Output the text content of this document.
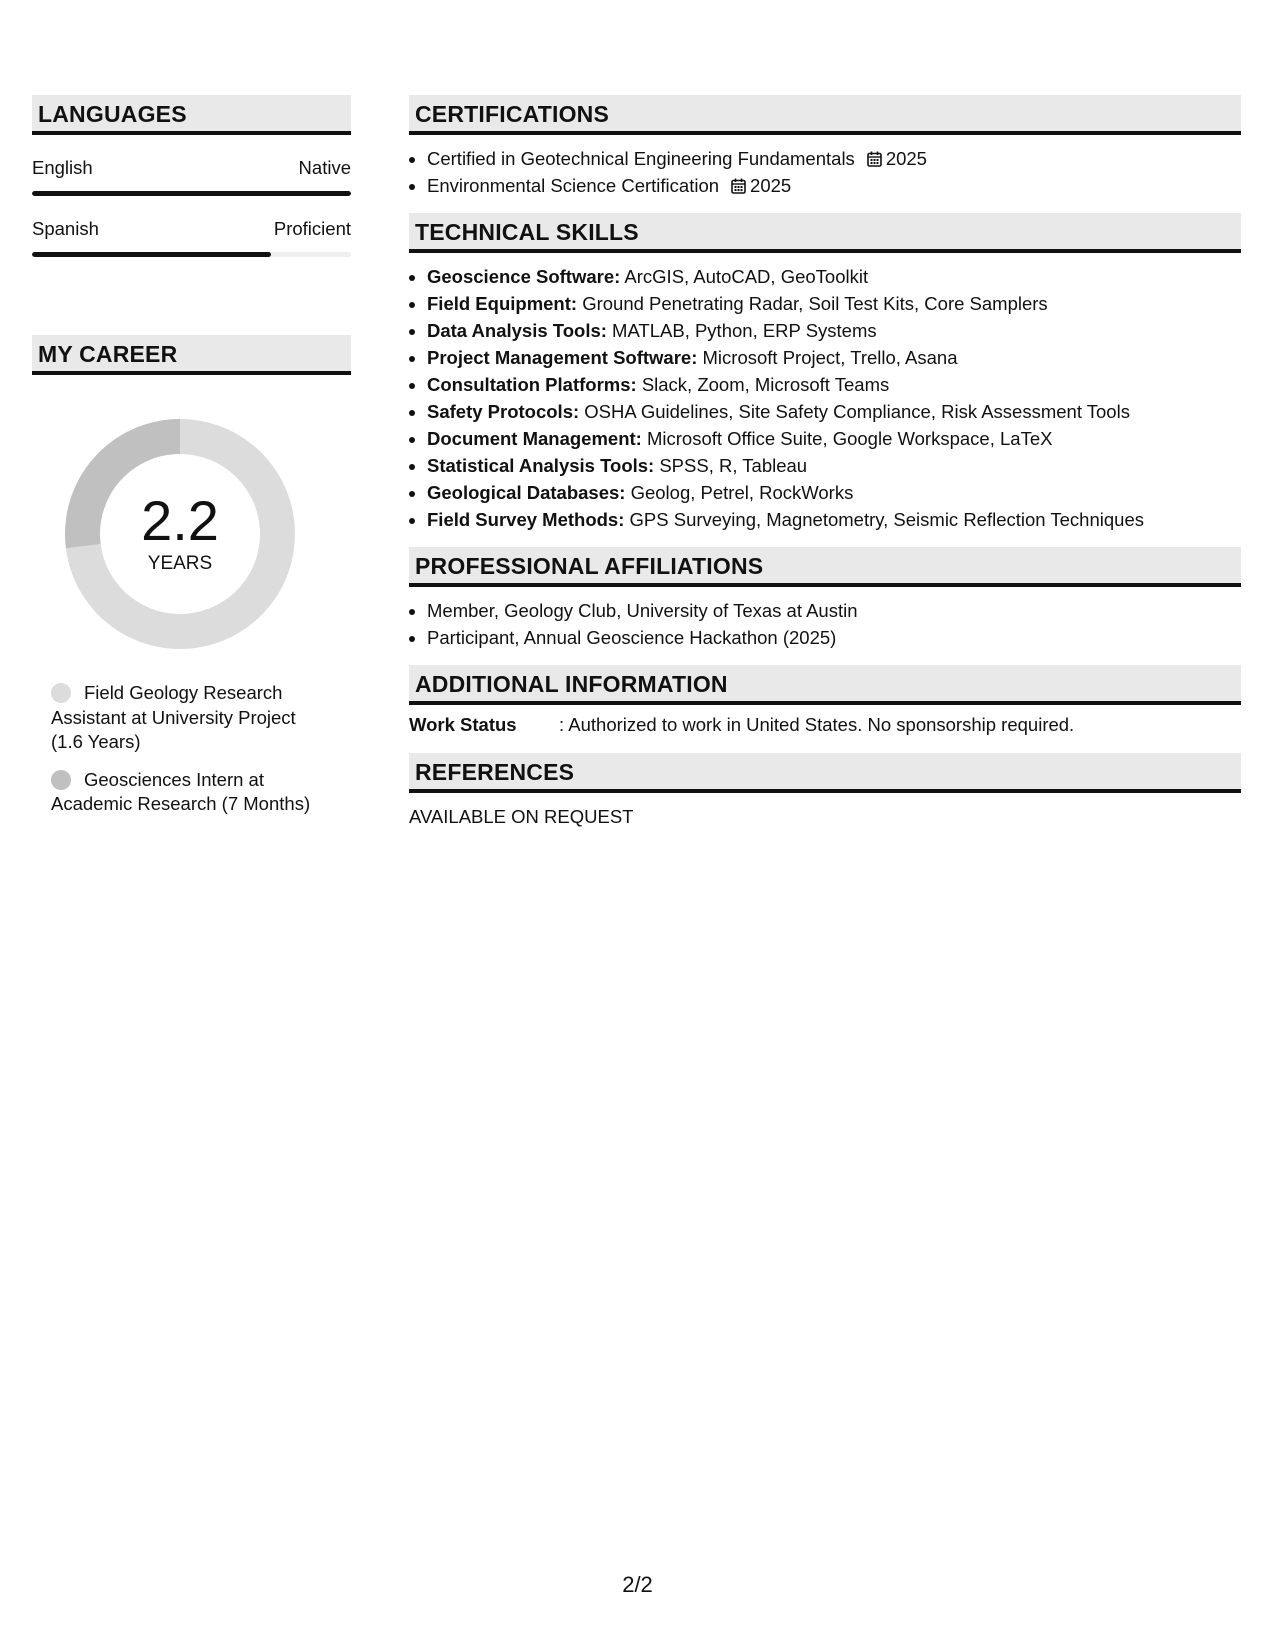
LANGUAGES
English	Native
Spanish	Proficient
MY CAREER
2.2
YEARS
Field Geology Research Assistant at University Project (1.6 Years)
Geosciences Intern at Academic Research (7 Months)
CERTIFICATIONS
• Certified in Geotechnical Engineering Fundamentals 2025
• Environmental Science Certification 2025
TECHNICAL SKILLS
• Geoscience Software: ArcGIS, AutoCAD, GeoToolkit
• Field Equipment: Ground Penetrating Radar, Soil Test Kits, Core Samplers
• Data Analysis Tools: MATLAB, Python, ERP Systems
• Project Management Software: Microsoft Project, Trello, Asana
• Consultation Platforms: Slack, Zoom, Microsoft Teams
• Safety Protocols: OSHA Guidelines, Site Safety Compliance, Risk Assessment Tools
• Document Management: Microsoft Office Suite, Google Workspace, LaTeX
• Statistical Analysis Tools: SPSS, R, Tableau
• Geological Databases: Geolog, Petrel, RockWorks
• Field Survey Methods: GPS Surveying, Magnetometry, Seismic Reflection Techniques
PROFESSIONAL AFFILIATIONS
• Member, Geology Club, University of Texas at Austin
• Participant, Annual Geoscience Hackathon (2025)
ADDITIONAL INFORMATION
Work Status	: Authorized to work in United States. No sponsorship required.
REFERENCES
AVAILABLE ON REQUEST
2/2
